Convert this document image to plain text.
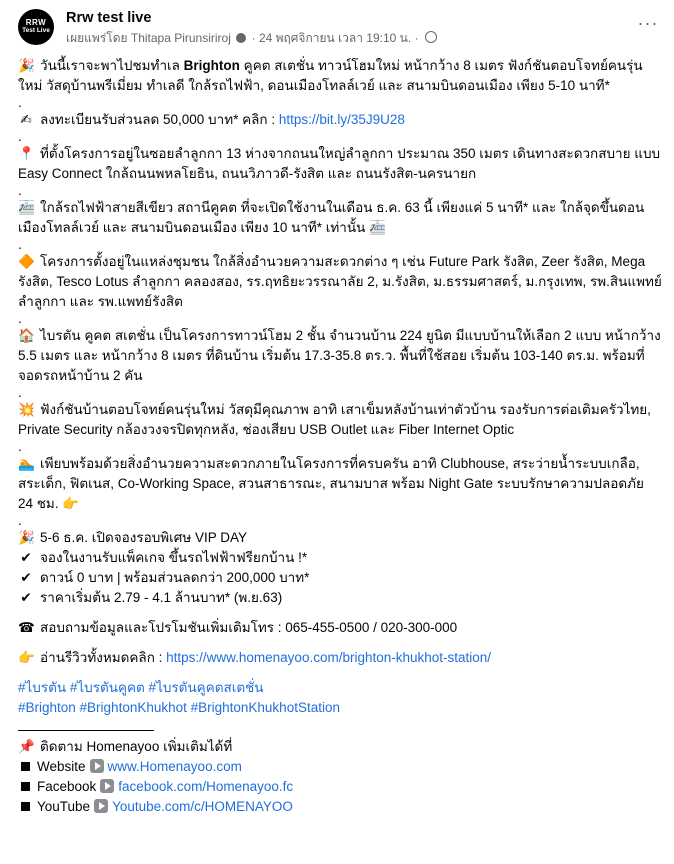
RRW
Test Live
Rrw test live
เผยแพร่โดย Thitapa Pirunsiriroj · 24 พฤศจิกายน เวลา 19:10 น. ·
···

🎉 วันนี้เราจะพาไปชมทำเล Brighton คูคต สเตชั่น ทาวน์โฮมใหม่ หน้ากว้าง 8 เมตร ฟังก์ชันตอบโจทย์คนรุ่นใหม่ วัสดุบ้านพรีเมี่ยม ทำเลดี ใกล้รถไฟฟ้า, ดอนเมืองโทลล์เวย์ และ สนามบินดอนเมือง เพียง 5-10 นาที*

.

✍ ลงทะเบียนรับส่วนลด 50,000 บาท* คลิก : https://bit.ly/35J9U28

.

📍 ที่ตั้งโครงการอยู่ในซอยลำลูกกา 13 ห่างจากถนนใหญ่ลำลูกกา ประมาณ 350 เมตร เดินทางสะดวกสบาย แบบ Easy Connect ใกล้ถนนพหลโยธิน, ถนนวิภาวดี-รังสิต และ ถนนรังสิต-นครนายก

.

🚈 ใกล้รถไฟฟ้าสายสีเขียว สถานีคูคต ที่จะเปิดใช้งานในเดือน ธ.ค. 63 นี้ เพียงแค่ 5 นาที* และ ใกล้จุดขึ้นดอนเมืองโทลล์เวย์ และ สนามบินดอนเมือง เพียง 10 นาที* เท่านั้น 🚈

.

🔶 โครงการตั้งอยู่ในแหล่งชุมชน ใกล้สิ่งอำนวยความสะดวกต่าง ๆ เช่น Future Park รังสิต, Zeer รังสิต, Mega รังสิต, Tesco Lotus ลำลูกกา คลองสอง, รร.ฤทธิยะวรรณาลัย 2, ม.รังสิต, ม.ธรรมศาสตร์, ม.กรุงเทพ, รพ.สินแพทย์ ลำลูกกา และ รพ.แพทย์รังสิต

.

🏠 ไบรตัน คูคต สเตชั่น เป็นโครงการทาวน์โฮม 2 ชั้น จำนวนบ้าน 224 ยูนิต มีแบบบ้านให้เลือก 2 แบบ หน้ากว้าง 5.5 เมตร และ หน้ากว้าง 8 เมตร ที่ดินบ้าน เริ่มต้น 17.3-35.8 ตร.ว. พื้นที่ใช้สอย เริ่มต้น 103-140 ตร.ม. พร้อมที่จอดรถหน้าบ้าน 2 คัน

.

💥 ฟังก์ชันบ้านตอบโจทย์คนรุ่นใหม่ วัสดุมีคุณภาพ อาทิ เสาเข็มหลังบ้านเท่าตัวบ้าน รองรับการต่อเติมครัวไทย, Private Security กล้องวงจรปิดทุกหลัง, ช่องเสียบ USB Outlet และ Fiber Internet Optic

.

🏊 เพียบพร้อมด้วยสิ่งอำนวยความสะดวกภายในโครงการที่ครบครัน อาทิ Clubhouse, สระว่ายน้ำระบบเกลือ, สระเด็ก, ฟิตเนส, Co-Working Space, สวนสาธารณะ, สนามบาส พร้อม Night Gate ระบบรักษาความปลอดภัย 24 ชม. 👉

.

🎉 5-6 ธ.ค. เปิดจองรอบพิเศษ VIP DAY

✔ จองในงานรับแพ็คเกจ ขึ้นรถไฟฟ้าฟรียกบ้าน !*

✔ ดาวน์ 0 บาท | พร้อมส่วนลดกว่า 200,000 บาท*

✔ ราคาเริ่มต้น 2.79 - 4.1 ล้านบาท* (พ.ย.63)

☎ สอบถามข้อมูลและโปรโมชันเพิ่มเติมโทร : 065-455-0500 / 020-300-000

👉 อ่านรีวิวทั้งหมดคลิก : https://www.homenayoo.com/brighton-khukhot-station/

#ไบรตัน #ไบรตันคูคต #ไบรตันคูคตสเตชั่น

#Brighton #BrightonKhukhot #BrightonKhukhotStation

📌 ติดตาม Homenayoo เพิ่มเติมได้ที่

Website www.Homenayoo.com

Facebook facebook.com/Homenayoo.fc

YouTube Youtube.com/c/HOMENAYOO
